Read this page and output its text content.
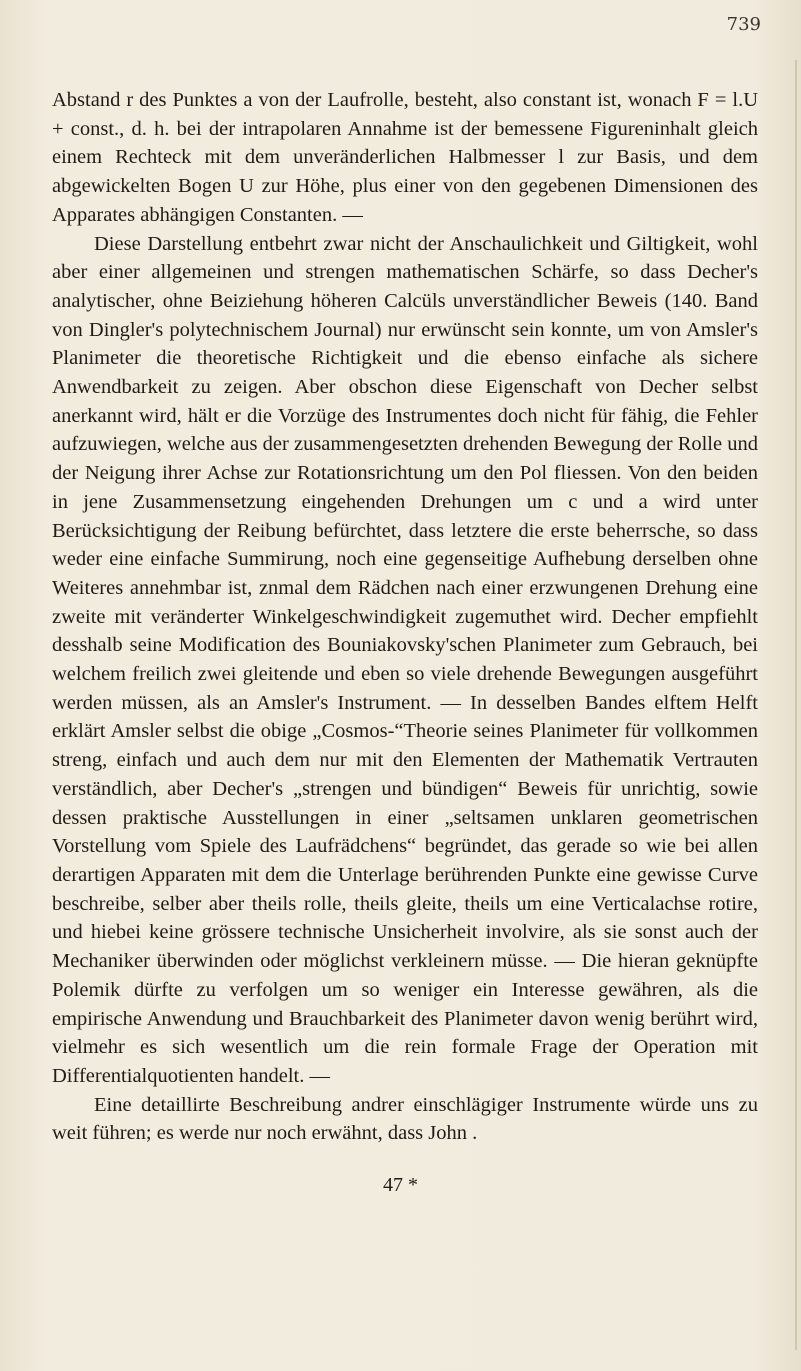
739

Abstand r des Punktes a von der Laufrolle, besteht, also constant ist, wonach F = l.U + const., d. h. bei der intrapolaren Annahme ist der bemessene Figureninhalt gleich einem Rechteck mit dem unveränderlichen Halbmesser l zur Basis, und dem abgewickelten Bogen U zur Höhe, plus einer von den gegebenen Dimensionen des Apparates abhängigen Constanten. —

Diese Darstellung entbehrt zwar nicht der Anschaulichkeit und Giltigkeit, wohl aber einer allgemeinen und strengen mathematischen Schärfe, so dass Decher's analytischer, ohne Beiziehung höheren Calcüls unverständlicher Beweis (140. Band von Dingler's polytechnischem Journal) nur erwünscht sein konnte, um von Amsler's Planimeter die theoretische Richtigkeit und die ebenso einfache als sichere Anwendbarkeit zu zeigen. Aber obschon diese Eigenschaft von Decher selbst anerkannt wird, hält er die Vorzüge des Instrumentes doch nicht für fähig, die Fehler aufzuwiegen, welche aus der zusammengesetzten drehenden Bewegung der Rolle und der Neigung ihrer Achse zur Rotationsrichtung um den Pol fliessen. Von den beiden in jene Zusammensetzung eingehenden Drehungen um c und a wird unter Berücksichtigung der Reibung befürchtet, dass letztere die erste beherrsche, so dass weder eine einfache Summirung, noch eine gegenseitige Aufhebung derselben ohne Weiteres annehmbar ist, znmal dem Rädchen nach einer erzwungenen Drehung eine zweite mit veränderter Winkelgeschwindigkeit zugemuthet wird. Decher empfiehlt desshalb seine Modification des Bouniakovsky'schen Planimeter zum Gebrauch, bei welchem freilich zwei gleitende und eben so viele drehende Bewegungen ausgeführt werden müssen, als an Amsler's Instrument. — In desselben Bandes elftem Helft erklärt Amsler selbst die obige „Cosmos-“Theorie seines Planimeter für vollkommen streng, einfach und auch dem nur mit den Elementen der Mathematik Vertrauten verständlich, aber Decher's „strengen und bündigen“ Beweis für unrichtig, sowie dessen praktische Ausstellungen in einer „seltsamen unklaren geometrischen Vorstellung vom Spiele des Laufrädchens“ begründet, das gerade so wie bei allen derartigen Apparaten mit dem die Unterlage berührenden Punkte eine gewisse Curve beschreibe, selber aber theils rolle, theils gleite, theils um eine Verticalachse rotire, und hiebei keine grössere technische Unsicherheit involvire, als sie sonst auch der Mechaniker überwinden oder möglichst verkleinern müsse. — Die hieran geknüpfte Polemik dürfte zu verfolgen um so weniger ein Interesse gewähren, als die empirische Anwendung und Brauchbarkeit des Planimeter davon wenig berührt wird, vielmehr es sich wesentlich um die rein formale Frage der Operation mit Differentialquotienten handelt. —

Eine detaillirte Beschreibung andrer einschlägiger Instrumente würde uns zu weit führen; es werde nur noch erwähnt, dass John .

47 *
